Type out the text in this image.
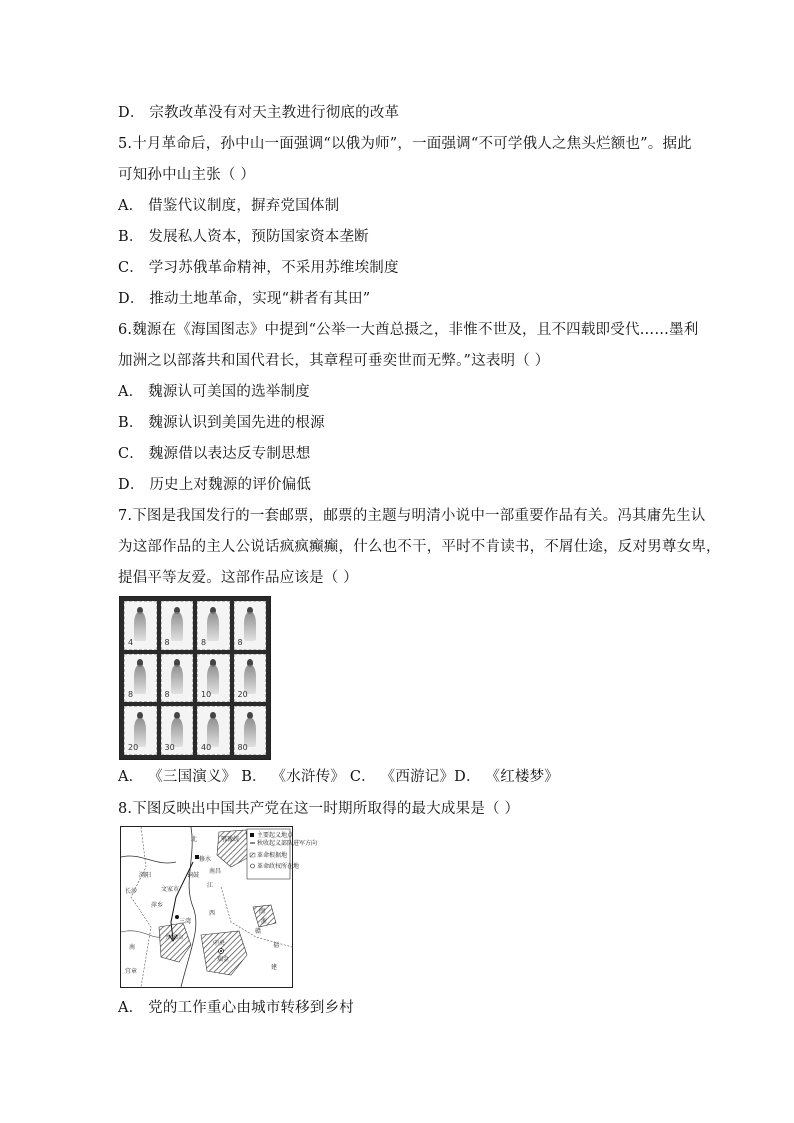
D． 宗教改革没有对天主教进行彻底的改革
5.十月革命后，孙中山一面强调“以俄为师”，一面强调“不可学俄人之焦头烂额也”。据此
可知孙中山主张（ ）
A． 借鉴代议制度，摒弃党国体制
B． 发展私人资本，预防国家资本垄断
C． 学习苏俄革命精神，不采用苏维埃制度
D． 推动土地革命，实现“耕者有其田”
6.魏源在《海国图志》中提到“公举一大酋总摄之，非惟不世及，且不四载即受代……墨利
加洲之以部落共和国代君长，其章程可垂奕世而无弊。”这表明（ ）
A． 魏源认可美国的选举制度
B． 魏源认识到美国先进的根源
C． 魏源借以表达反专制思想
D． 历史上对魏源的评价偏低
7.下图是我国发行的一套邮票，邮票的主题与明清小说中一部重要作品有关。冯其庸先生认
为这部作品的主人公说话疯疯癫癫，什么也不干，平时不肯读书，不屑仕途，反对男尊女卑，
提倡平等友爱。这部作品应该是（ ）
4	8	8	8
8	8	10	20
20	30	40	80
A． 《三国演义》 B． 《水浒传》 C． 《西游记》D． 《红楼梦》
8.下图反映出中国共产党在这一时期所取得的最大成果是（ ）
主要起义地点
秋收起义部队进军方向
革命根据地
革命政权所在地
鄂豫皖
北
修水
南昌
铜鼓
浏阳
文家市
长沙
江
萍乡
三湾
井冈山
中央
瑞金
西	闽
浙
赣
南
宜章
福
建
A． 党的工作重心由城市转移到乡村
